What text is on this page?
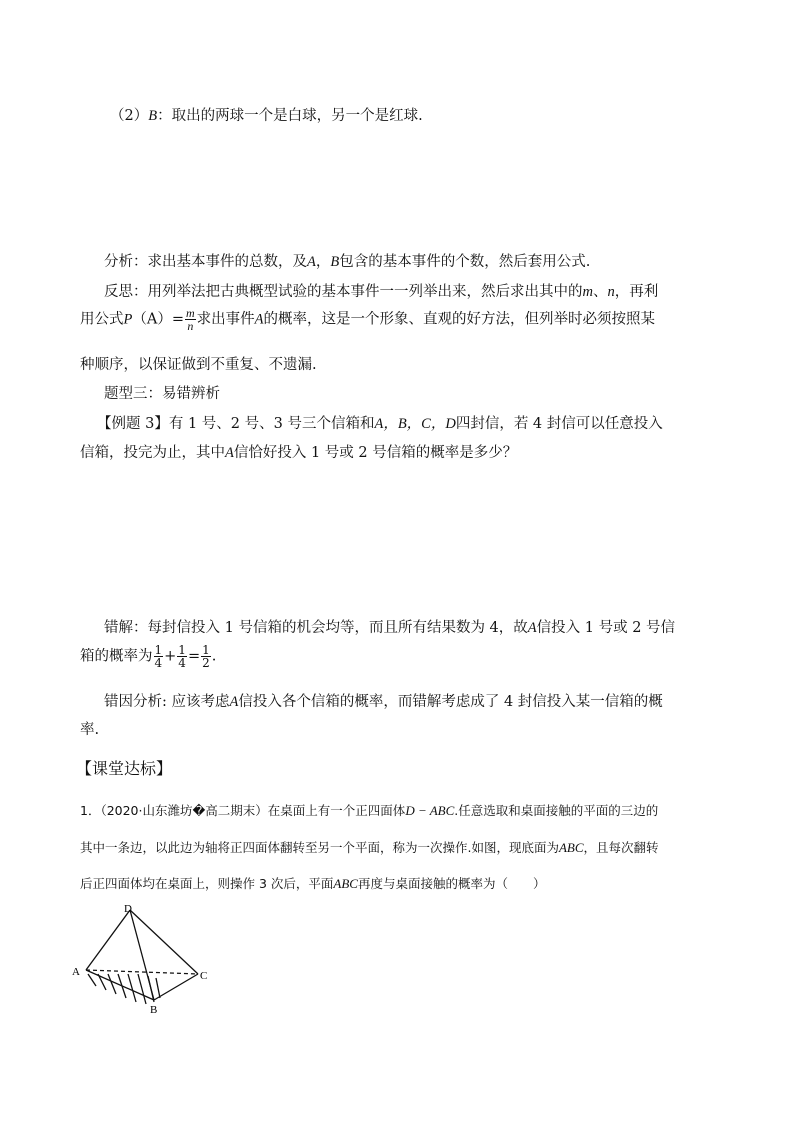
（2）B：取出的两球一个是白球，另一个是红球.
分析：求出基本事件的总数，及A，B包含的基本事件的个数，然后套用公式.
反思：用列举法把古典概型试验的基本事件一一列举出来，然后求出其中的m、n，再利
用公式$P(A)= \frac{m}{n}$ 求出事件A的概率，这是一个形象、直观的好方法，但列举时必须按照某
种顺序，以保证做到不重复、不遗漏.
题型三：易错辨析
【例题 3】有 1 号、2 号、3 号三个信箱和A，B，C，D四封信，若 4 封信可以任意投入
信箱，投完为止，其中A信恰好投入 1 号或 2 号信箱的概率是多少？
错解：每封信投入 1 号信箱的机会均等，而且所有结果数为 4，故A信投入 1 号或 2 号信
箱的概率为 $\frac{1}{4} + \frac{1}{4} = \frac{1}{2}$ .
错因分析: 应该考虑A信投入各个信箱的概率，而错解考虑成了 4 封信投入某一信箱的概
率.
【课堂达标】
1．（2020·山东潍坊�高二期末）在桌面上有一个正四面体D − ABC.任意选取和桌面接触的平面的三边的
其中一条边，以此边为轴将正四面体翻转至另一个平面，称为一次操作.如图，现底面为ABC，且每次翻转
后正四面体均在桌面上，则操作 3 次后，平面ABC再度与桌面接触的概率为（　　）
D
A	C
B
